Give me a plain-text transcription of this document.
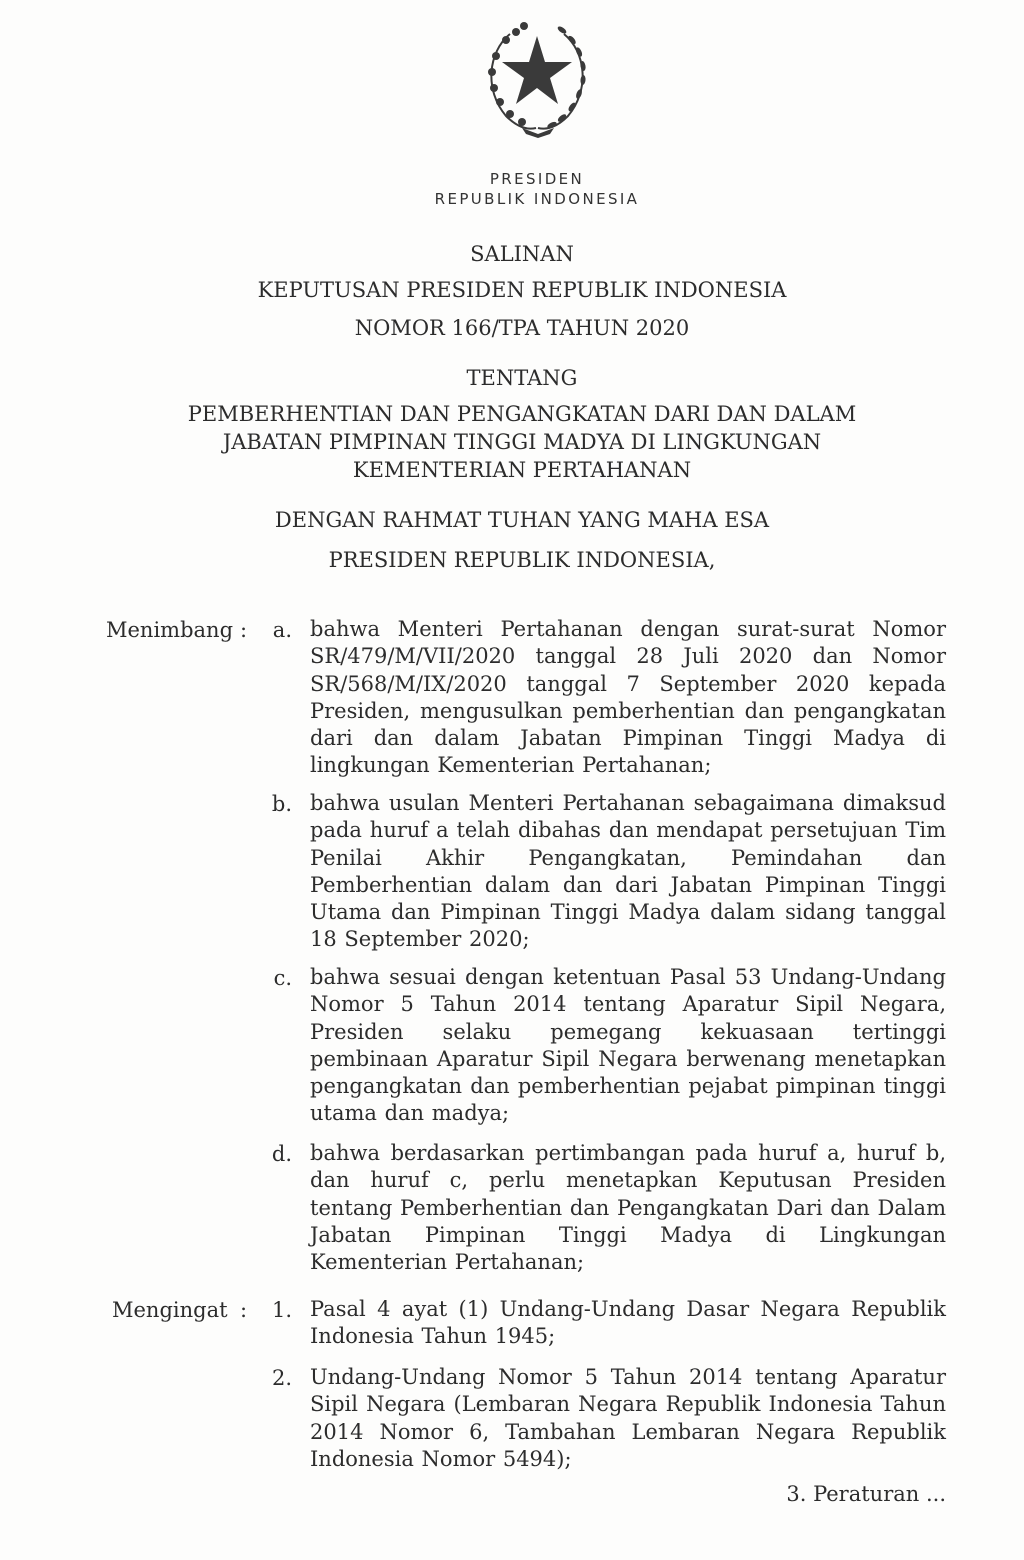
PRESIDEN
REPUBLIK INDONESIA
SALINAN
KEPUTUSAN PRESIDEN REPUBLIK INDONESIA
NOMOR 166/TPA TAHUN 2020
TENTANG
PEMBERHENTIAN DAN PENGANGKATAN DARI DAN DALAM
JABATAN PIMPINAN TINGGI MADYA DI LINGKUNGAN
KEMENTERIAN PERTAHANAN
DENGAN RAHMAT TUHAN YANG MAHA ESA
PRESIDEN REPUBLIK INDONESIA,
Menimbang :	a. bahwa Menteri Pertahanan dengan surat-surat Nomor SR/479/M/VII/2020 tanggal 28 Juli 2020 dan Nomor SR/568/M/IX/2020 tanggal 7 September 2020 kepada Presiden, mengusulkan pemberhentian dan pengangkatan dari dan dalam Jabatan Pimpinan Tinggi Madya di lingkungan Kementerian Pertahanan;
b. bahwa usulan Menteri Pertahanan sebagaimana dimaksud pada huruf a telah dibahas dan mendapat persetujuan Tim Penilai Akhir Pengangkatan, Pemindahan dan Pemberhentian dalam dan dari Jabatan Pimpinan Tinggi Utama dan Pimpinan Tinggi Madya dalam sidang tanggal 18 September 2020;
c. bahwa sesuai dengan ketentuan Pasal 53 Undang-Undang Nomor 5 Tahun 2014 tentang Aparatur Sipil Negara, Presiden selaku pemegang kekuasaan tertinggi pembinaan Aparatur Sipil Negara berwenang menetapkan pengangkatan dan pemberhentian pejabat pimpinan tinggi utama dan madya;
d. bahwa berdasarkan pertimbangan pada huruf a, huruf b, dan huruf c, perlu menetapkan Keputusan Presiden tentang Pemberhentian dan Pengangkatan Dari dan Dalam Jabatan Pimpinan Tinggi Madya di Lingkungan Kementerian Pertahanan;
Mengingat :	1. Pasal 4 ayat (1) Undang-Undang Dasar Negara Republik Indonesia Tahun 1945;
2. Undang-Undang Nomor 5 Tahun 2014 tentang Aparatur Sipil Negara (Lembaran Negara Republik Indonesia Tahun 2014 Nomor 6, Tambahan Lembaran Negara Republik Indonesia Nomor 5494);
3. Peraturan ...
